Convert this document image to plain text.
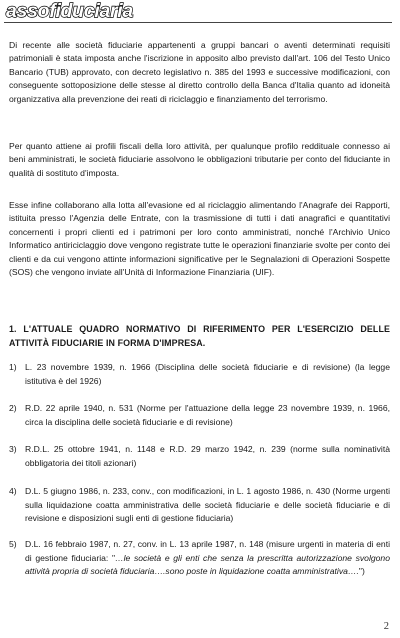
assofiduciaria

Di recente alle società fiduciarie appartenenti a gruppi bancari o aventi determinati requisiti patrimoniali è stata imposta anche l'iscrizione in apposito albo previsto dall'art. 106 del Testo Unico Bancario (TUB) approvato, con decreto legislativo n. 385 del 1993 e successive modificazioni, con conseguente sottoposizione delle stesse al diretto controllo della Banca d'Italia quanto ad idoneità organizzativa alla prevenzione dei reati di riciclaggio e finanziamento del terrorismo.

Per quanto attiene ai profili fiscali della loro attività, per qualunque profilo reddituale connesso ai beni amministrati, le società fiduciarie assolvono le obbligazioni tributarie per conto del fiduciante in qualità di sostituto d'imposta.

Esse infine collaborano alla lotta all'evasione ed al riciclaggio alimentando l'Anagrafe dei Rapporti, istituita presso l'Agenzia delle Entrate, con la trasmissione di tutti i dati anagrafici e quantitativi concernenti i propri clienti ed i patrimoni per loro conto amministrati, nonché l'Archivio Unico Informatico antiriciclaggio dove vengono registrate tutte le operazioni finanziarie svolte per conto dei clienti e da cui vengono attinte informazioni significative per le Segnalazioni di Operazioni Sospette (SOS) che vengono inviate all'Unità di Informazione Finanziaria (UIF).

1. L'ATTUALE QUADRO NORMATIVO DI RIFERIMENTO PER L'ESERCIZIO DELLE ATTIVITÀ FIDUCIARIE IN FORMA D'IMPRESA.

1) L. 23 novembre 1939, n. 1966 (Disciplina delle società fiduciarie e di revisione) (la legge istitutiva è del 1926)
2) R.D. 22 aprile 1940, n. 531 (Norme per l'attuazione della legge 23 novembre 1939, n. 1966, circa la disciplina delle società fiduciarie e di revisione)
3) R.D.L. 25 ottobre 1941, n. 1148 e R.D. 29 marzo 1942, n. 239 (norme sulla nominatività obbligatoria dei titoli azionari)
4) D.L. 5 giugno 1986, n. 233, conv., con modificazioni, in L. 1 agosto 1986, n. 430 (Norme urgenti sulla liquidazione coatta amministrativa delle società fiduciarie e delle società fiduciarie e di revisione e disposizioni sugli enti di gestione fiduciaria)
5) D.L. 16 febbraio 1987, n. 27, conv. in L. 13 aprile 1987, n. 148 (misure urgenti in materia di enti di gestione fiduciaria: "…le società e gli enti che senza la prescritta autorizzazione svolgono attività propria di società fiduciaria….sono poste in liquidazione coatta amministrativa….")
2
